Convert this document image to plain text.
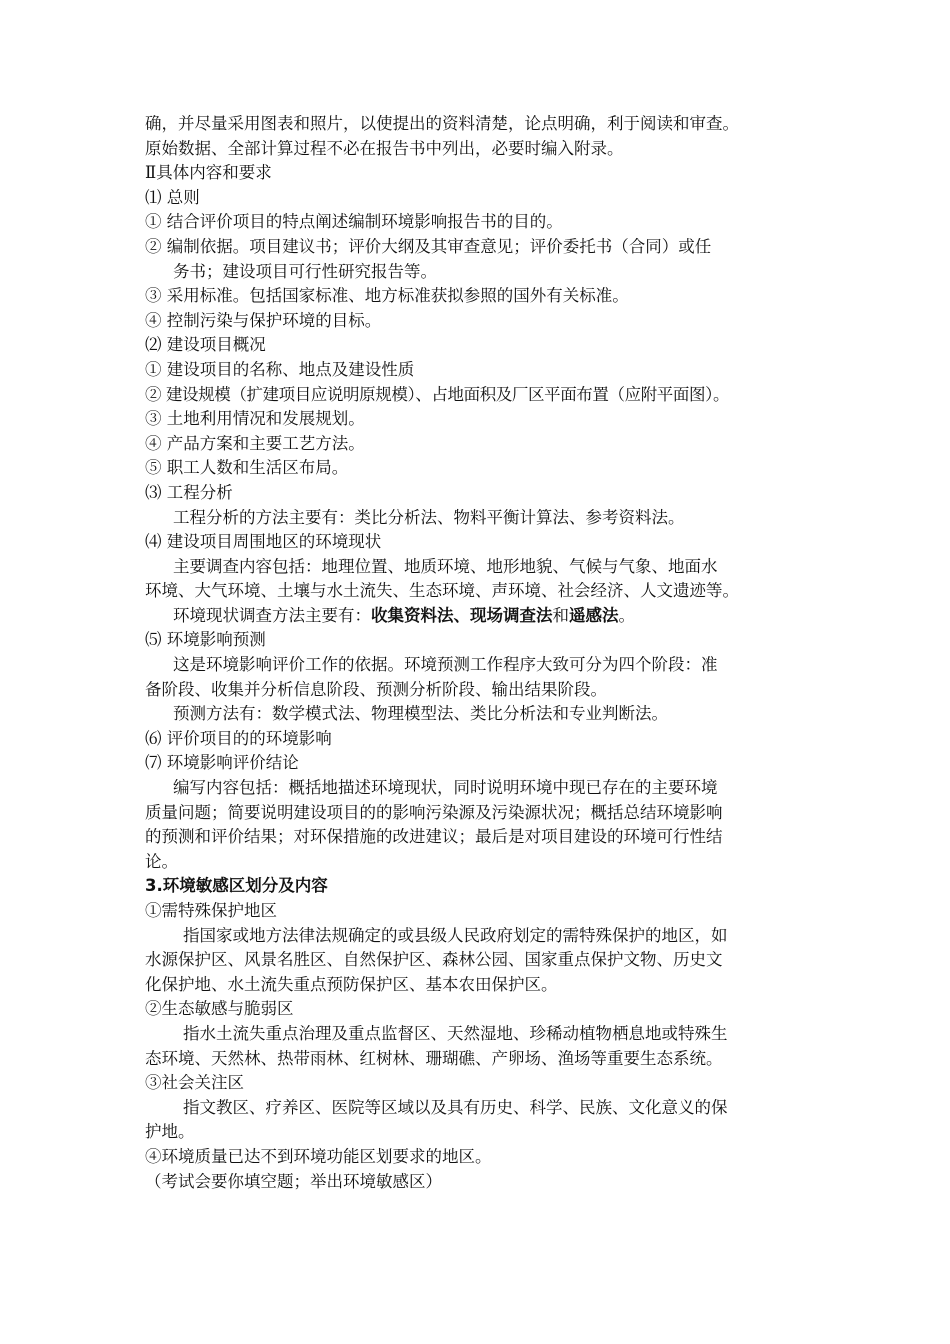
确，并尽量采用图表和照片，以使提出的资料清楚，论点明确，利于阅读和审查。
原始数据、全部计算过程不必在报告书中列出，必要时编入附录。
Ⅱ具体内容和要求
⑴ 总则
① 结合评价项目的特点阐述编制环境影响报告书的目的。
② 编制依据。项目建议书；评价大纲及其审查意见；评价委托书（合同）或任
务书；建设项目可行性研究报告等。
③ 采用标准。包括国家标准、地方标准获拟参照的国外有关标准。
④ 控制污染与保护环境的目标。
⑵ 建设项目概况
① 建设项目的名称、地点及建设性质
② 建设规模（扩建项目应说明原规模）、占地面积及厂区平面布置（应附平面图）。
③ 土地利用情况和发展规划。
④ 产品方案和主要工艺方法。
⑤ 职工人数和生活区布局。
⑶ 工程分析
工程分析的方法主要有：类比分析法、物料平衡计算法、参考资料法。
⑷ 建设项目周围地区的环境现状
主要调查内容包括：地理位置、地质环境、地形地貌、气候与气象、地面水
环境、大气环境、土壤与水土流失、生态环境、声环境、社会经济、人文遗迹等。
环境现状调查方法主要有：收集资料法、现场调查法和遥感法。
⑸ 环境影响预测
这是环境影响评价工作的依据。环境预测工作程序大致可分为四个阶段：准
备阶段、收集并分析信息阶段、预测分析阶段、输出结果阶段。
预测方法有：数学模式法、物理模型法、类比分析法和专业判断法。
⑹ 评价项目的的环境影响
⑺ 环境影响评价结论
编写内容包括：概括地描述环境现状，同时说明环境中现已存在的主要环境
质量问题；简要说明建设项目的的影响污染源及污染源状况；概括总结环境影响
的预测和评价结果；对环保措施的改进建议；最后是对项目建设的环境可行性结
论。
3.环境敏感区划分及内容
①需特殊保护地区
指国家或地方法律法规确定的或县级人民政府划定的需特殊保护的地区，如
水源保护区、风景名胜区、自然保护区、森林公园、国家重点保护文物、历史文
化保护地、水土流失重点预防保护区、基本农田保护区。
②生态敏感与脆弱区
指水土流失重点治理及重点监督区、天然湿地、珍稀动植物栖息地或特殊生
态环境、天然林、热带雨林、红树林、珊瑚礁、产卵场、渔场等重要生态系统。
③社会关注区
指文教区、疗养区、医院等区域以及具有历史、科学、民族、文化意义的保
护地。
④环境质量已达不到环境功能区划要求的地区。
（考试会要你填空题；举出环境敏感区）
